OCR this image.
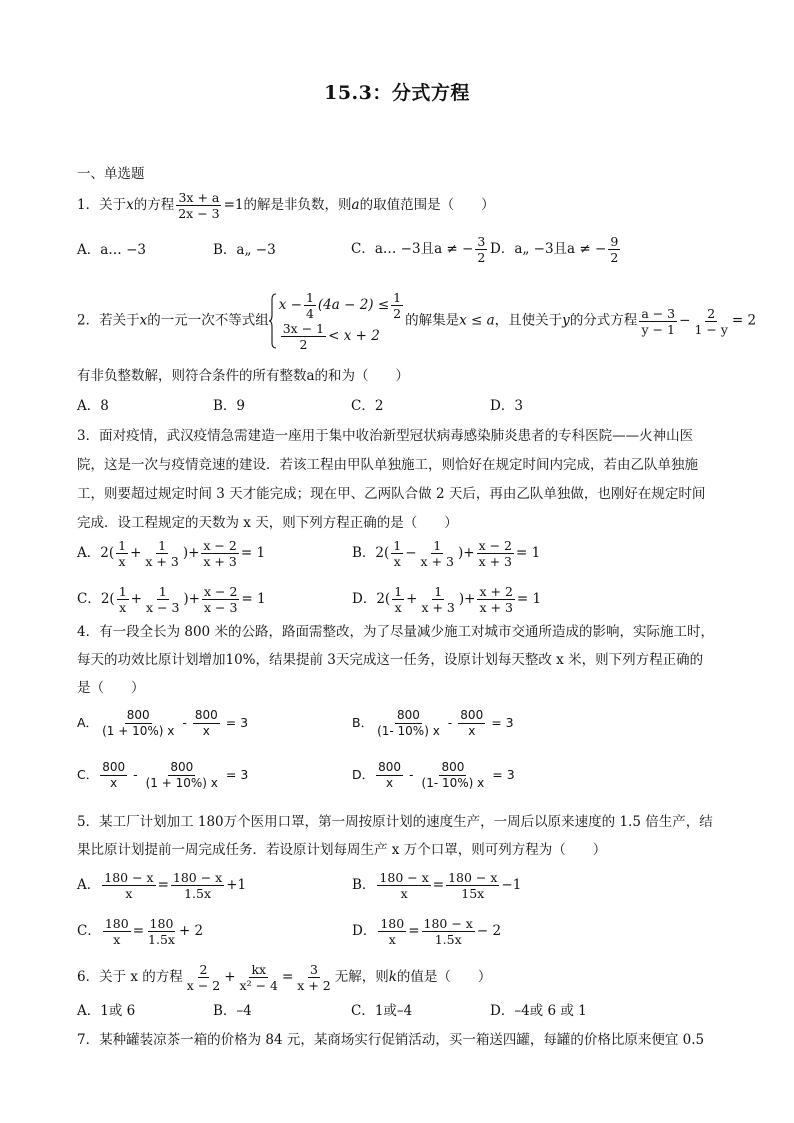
15.3：分式方程
一、单选题
1．关于x的方程 $\frac{3x + a}{2x - 3} =1$的解是非负数，则a的取值范围是（　　）
A．a… −3	B．a„ −3	C．a… −3且a ≠ − $\frac{3}{2}$ D．a„ −3且a ≠ − $\frac{9}{2}$
2．若关于x的一元一次不等式组
$x - \frac{1}{4} (4a - 2) \le \frac{1}{2}$
$\frac{3x - 1}{2} < x + 2$
的解集是x ≤ a，且使关于y的分式方程 $\frac{a - 3}{y - 1} - \frac{2}{1 - y} = 2$
有非负整数解，则符合条件的所有整数a的和为（　　）
A．8	B．9	C．2	D．3
3．面对疫情，武汉疫情急需建造一座用于集中收治新型冠状病毒感染肺炎患者的专科医院——火神山医
院，这是一次与疫情竞速的建设．若该工程由甲队单独施工，则恰好在规定时间内完成，若由乙队单独施
工，则要超过规定时间 3 天才能完成；现在甲、乙两队合做 2 天后，再由乙队单独做，也刚好在规定时间
完成．设工程规定的天数为 x 天，则下列方程正确的是（　　）
A．$2( \frac{1}{x} + \frac{1}{x + 3}$ )+ $\frac{x - 2}{x + 3} = 1$	B．$2( \frac{1}{x} - \frac{1}{x + 3}$ )+ $\frac{x - 2}{x + 3} = 1$
C．$2( \frac{1}{x} + \frac{1}{x - 3}$ )+ $\frac{x - 2}{x - 3} = 1$	D．$2( \frac{1}{x} + \frac{1}{x + 3}$ )+ $\frac{x + 2}{x + 3} = 1$
4．有一段全长为 800 米的公路，路面需整改，为了尽量减少施工对城市交通所造成的影响，实际施工时，
每天的功效比原计划增加10%，结果提前 3天完成这一任务，设原计划每天整改 x 米，则下列方程正确的
是（　　）
A． $\frac{800}{(1 + 10\%) x} - \frac{800}{x} = 3$	B． $\frac{800}{(1- 10\%) x} - \frac{800}{x} = 3$
C． $\frac{800}{x} - \frac{800}{(1 + 10\%) x} = 3$	D． $\frac{800}{x} - \frac{800}{(1- 10\%) x} = 3$
5．某工厂计划加工 180万个医用口罩，第一周按原计划的速度生产，一周后以原来速度的 1.5 倍生产，结
果比原计划提前一周完成任务．若设原计划每周生产 x 万个口罩，则可列方程为（　　）
A． $\frac{180 - x}{x} = \frac{180 - x}{1.5x} +1$	B． $\frac{180 - x}{x} = \frac{180 - x}{15x} -1$
C． $\frac{180}{x} = \frac{180}{1.5x} + 2$	D． $\frac{180}{x} = \frac{180 - x}{1.5x} - 2$
6．关于 x 的方程 $\frac{2}{x - 2} + \frac{kx}{\text{x² − 4}} = \frac{3}{x + 2}$ 无解，则k的值是（　　）
A．1或 6	B．–4	C．1或–4	D．–4或 6 或 1
7．某种罐装凉茶一箱的价格为 84 元，某商场实行促销活动，买一箱送四罐，每罐的价格比原来便宜 0.5
